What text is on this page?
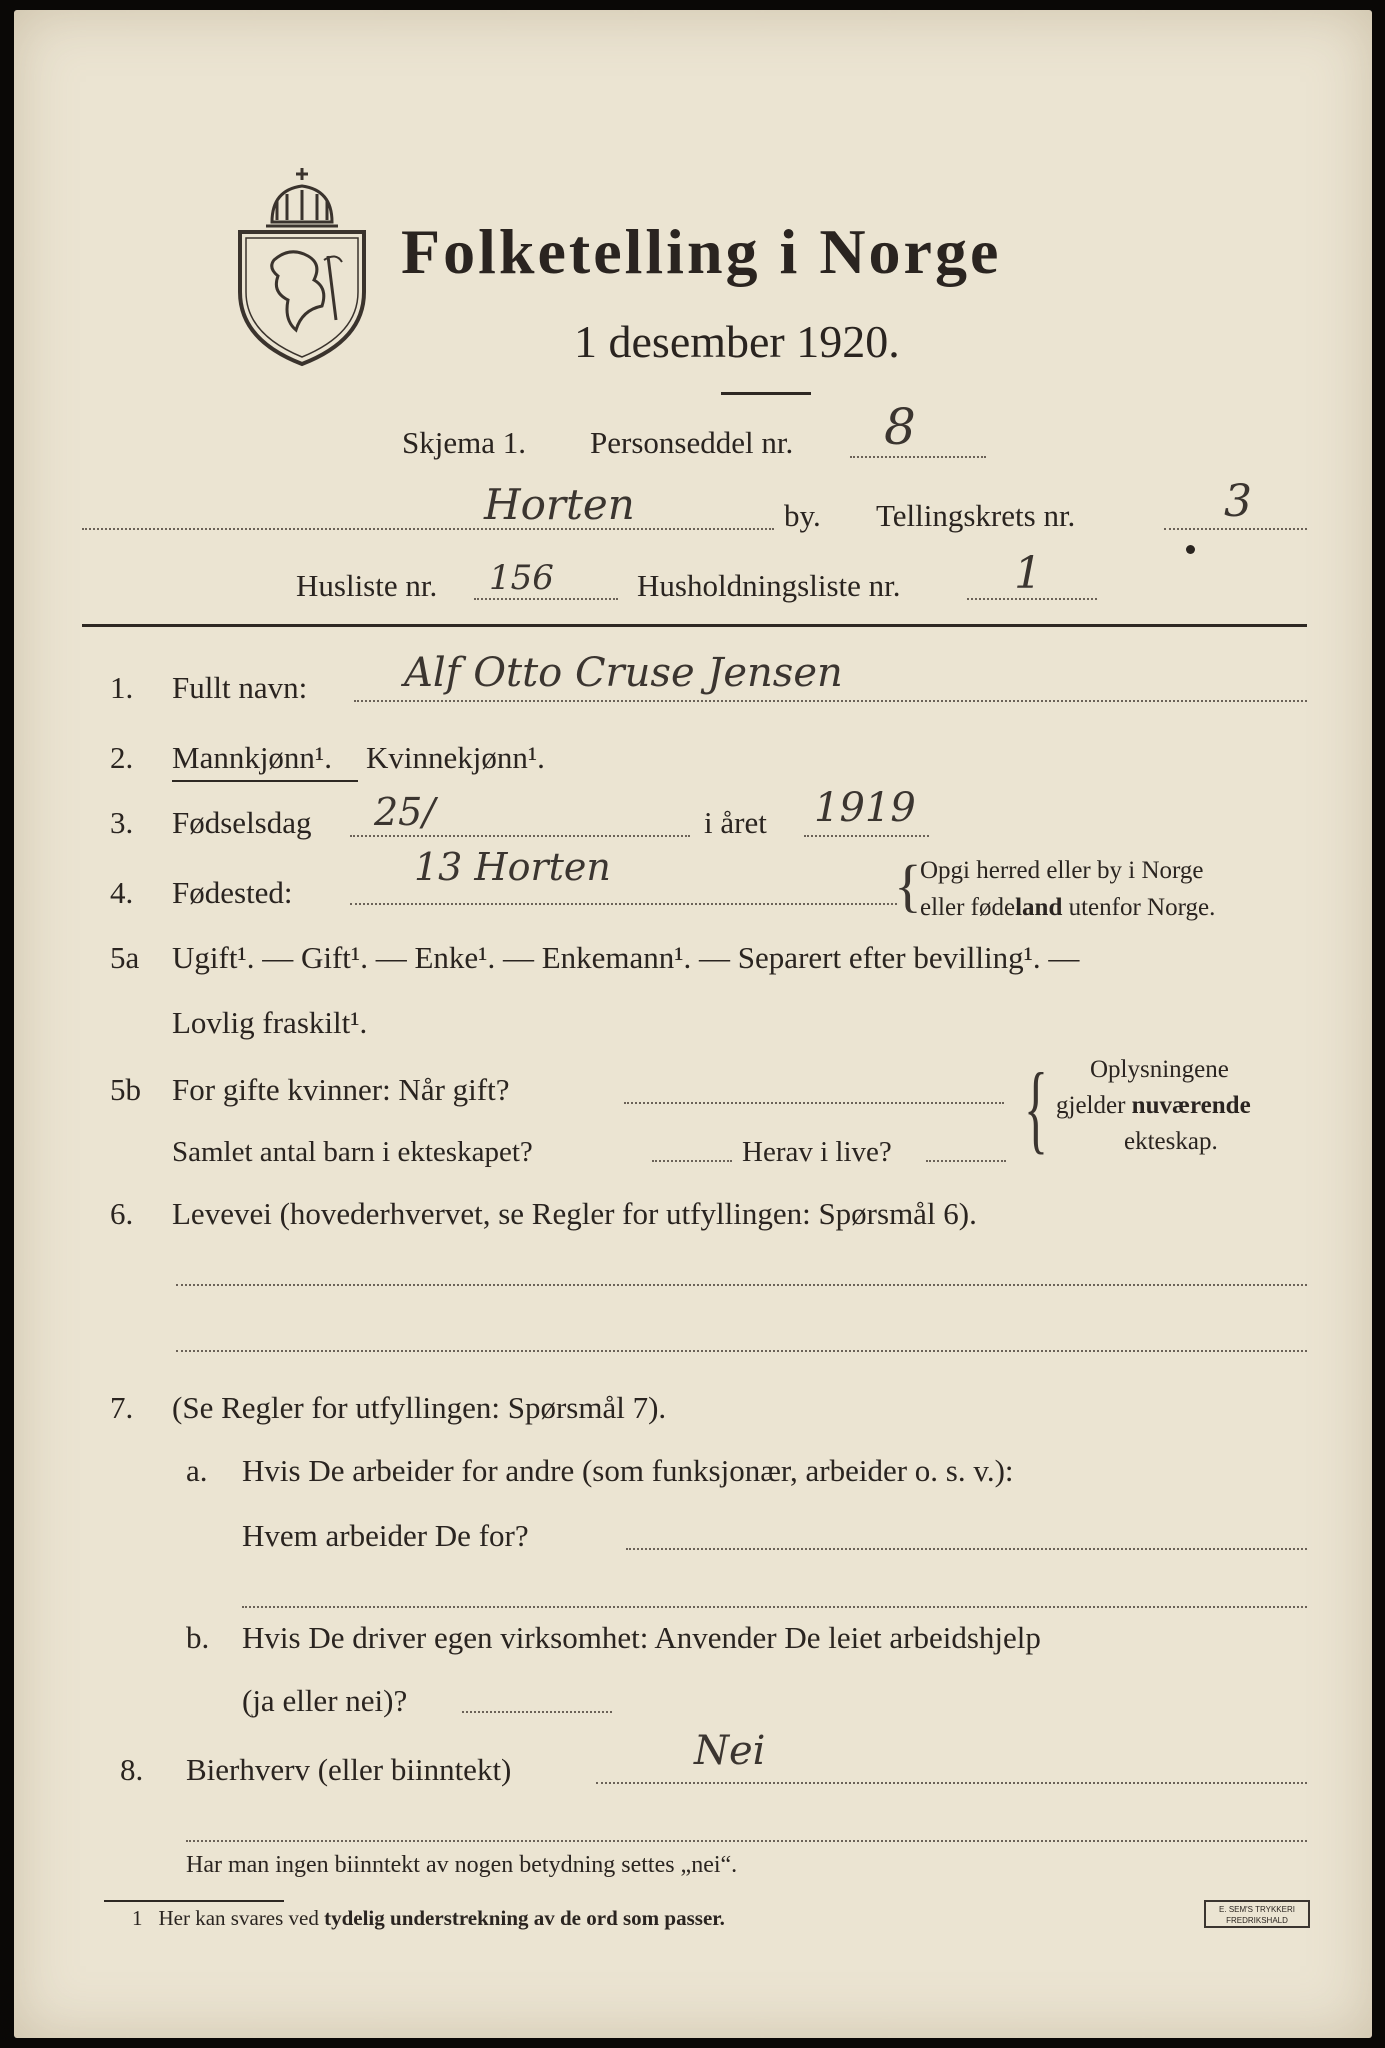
Folketelling i Norge
1 desember 1920.
Skjema 1. Personseddel nr. 8
Horten	by. Tellingskrets nr.	3
Husliste nr. 156	Husholdningsliste nr.	1
1. Fullt navn: Alf Otto Cruse Jensen
2. Mannkjønn¹. Kvinnekjønn¹.
3. Fødselsdag 25/	i året 1919
4. Fødested:
13 Horten	{
Opgi herred eller by i Norge
eller fødeland utenfor Norge.
5a Ugift¹. — Gift¹. — Enke¹. — Enkemann¹. — Separert efter bevilling¹. —
Lovlig fraskilt¹.
5b For gifte kvinner: Når gift?
Samlet antal barn i ekteskapet?	Herav i live? { Oplysningene
gjelder nuværende
ekteskap.
6. Levevei (hovederhvervet, se Regler for utfyllingen: Spørsmål 6).
7. (Se Regler for utfyllingen: Spørsmål 7).
a. Hvis De arbeider for andre (som funksjonær, arbeider o. s. v.):
Hvem arbeider De for?
b. Hvis De driver egen virksomhet: Anvender De leiet arbeidshjelp
(ja eller nei)?
8. Bierhverv (eller biinntekt)	Nei
Har man ingen biinntekt av nogen betydning settes „nei“.
1 Her kan svares ved tydelig understrekning av de ord som passer.	E. SEM'S TRYKKERI
FREDRIKSHALD
